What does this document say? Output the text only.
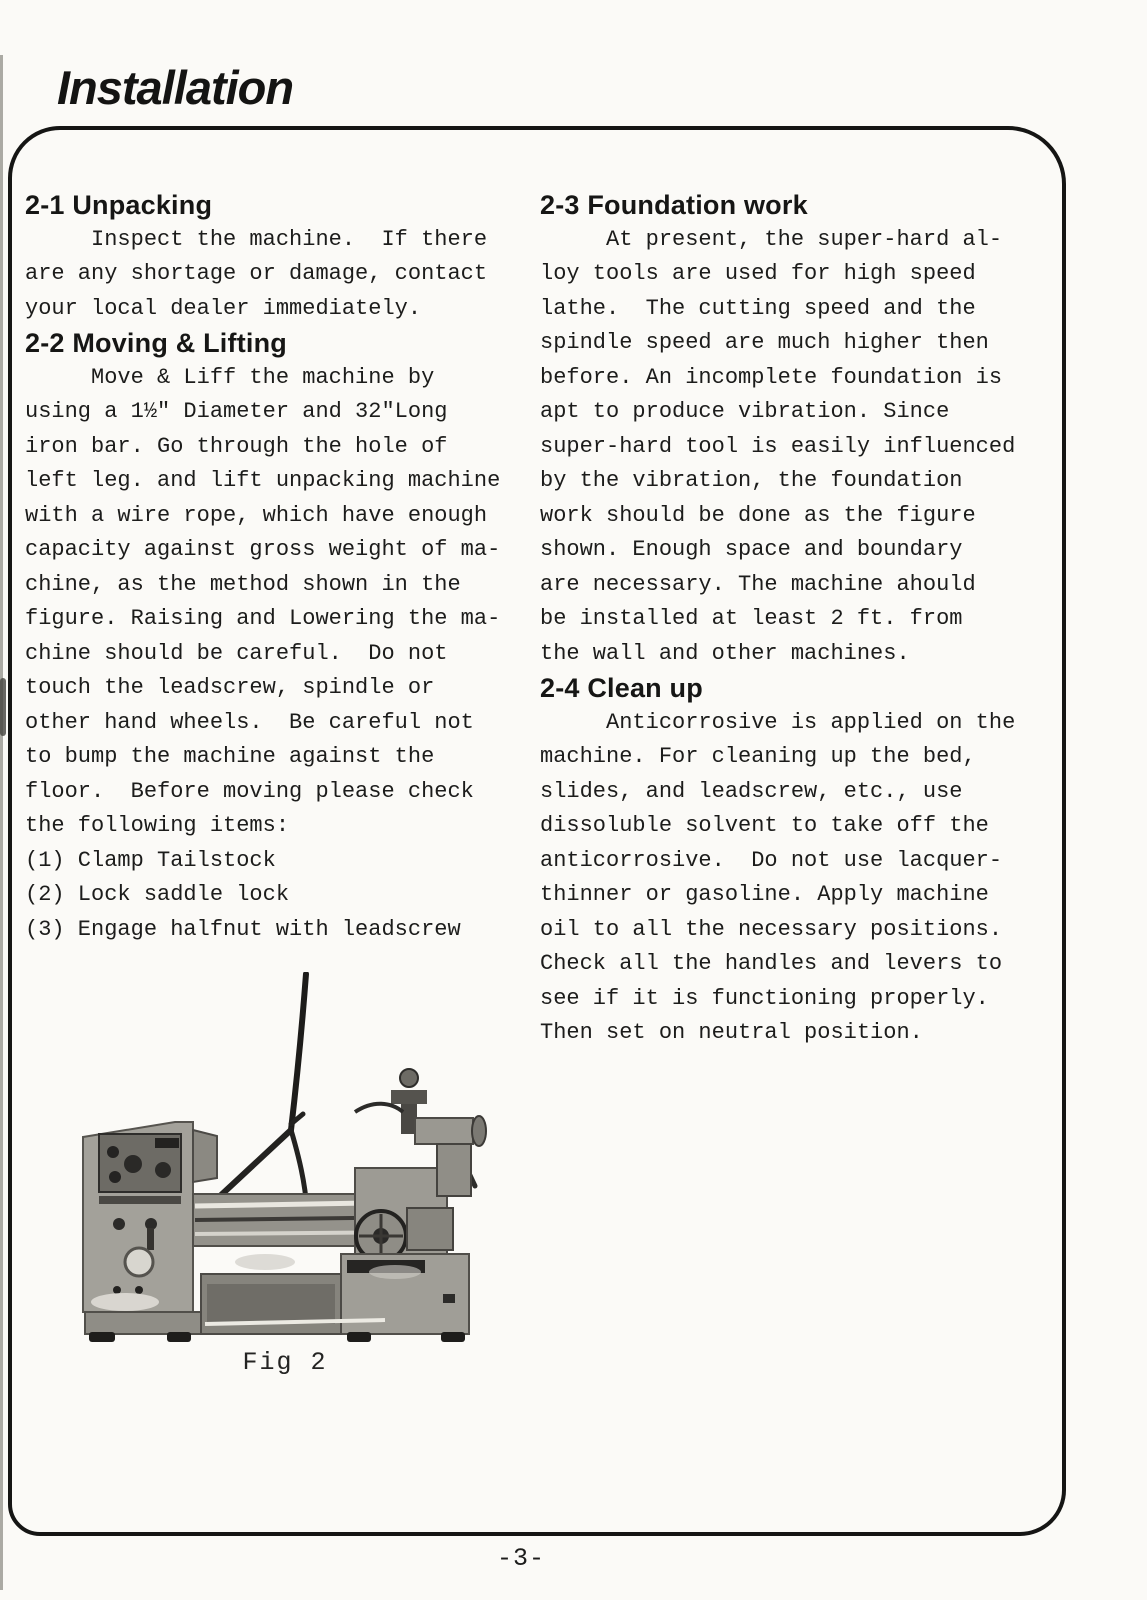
Installation
2-1 Unpacking
Inspect the machine.  If there
are any shortage or damage, contact
your local dealer immediately.
2-2 Moving & Lifting
Move & Liff the machine by
using a 1½" Diameter and 32"Long
iron bar. Go through the hole of
left leg. and lift unpacking machine
with a wire rope, which have enough
capacity against gross weight of ma-
chine, as the method shown in the
figure. Raising and Lowering the ma-
chine should be careful.  Do not
touch the leadscrew, spindle or
other hand wheels.  Be careful not
to bump the machine against the
floor.  Before moving please check
the following items:
(1) Clamp Tailstock
(2) Lock saddle lock
(3) Engage halfnut with leadscrew
2-3 Foundation work
At present, the super-hard al-
loy tools are used for high speed
lathe.  The cutting speed and the
spindle speed are much higher then
before. An incomplete foundation is
apt to produce vibration. Since
super-hard tool is easily influenced
by the vibration, the foundation
work should be done as the figure
shown. Enough space and boundary
are necessary. The machine ahould
be installed at least 2 ft. from
the wall and other machines.
2-4 Clean up
Anticorrosive is applied on the
machine. For cleaning up the bed,
slides, and leadscrew, etc., use
dissoluble solvent to take off the
anticorrosive.  Do not use lacquer-
thinner or gasoline. Apply machine
oil to all the necessary positions.
Check all the handles and levers to
see if it is functioning properly.
Then set on neutral position.
Fig 2
-3-
